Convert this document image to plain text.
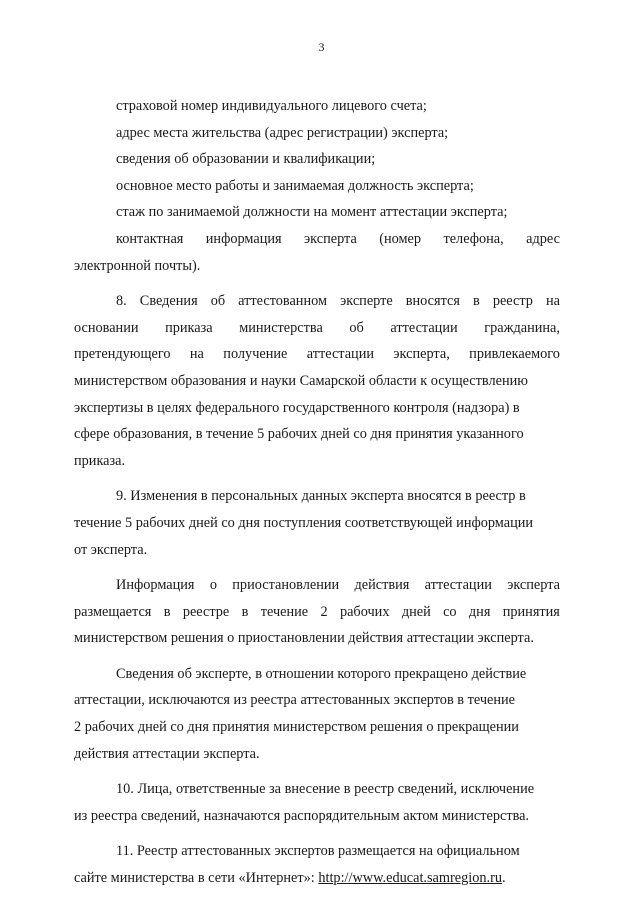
3
страховой номер индивидуального лицевого счета;
адрес места жительства (адрес регистрации) эксперта;
сведения об образовании и квалификации;
основное место работы и занимаемая должность эксперта;
стаж по занимаемой должности на момент аттестации эксперта;
контактная информация эксперта (номер телефона, адрес
электронной почты).
8. Сведения об аттестованном эксперте вносятся в реестр на
основании приказа министерства об аттестации гражданина,
претендующего на получение аттестации эксперта, привлекаемого
министерством образования и науки Самарской области к осуществлению
экспертизы в целях федерального государственного контроля (надзора) в
сфере образования, в течение 5 рабочих дней со дня принятия указанного
приказа.
9. Изменения в персональных данных эксперта вносятся в реестр в
течение 5 рабочих дней со дня поступления соответствующей информации
от эксперта.
Информация о приостановлении действия аттестации эксперта
размещается в реестре в течение 2 рабочих дней со дня принятия
министерством решения о приостановлении действия аттестации эксперта.
Сведения об эксперте, в отношении которого прекращено действие
аттестации, исключаются из реестра аттестованных экспертов в течение
2 рабочих дней со дня принятия министерством решения о прекращении
действия аттестации эксперта.
10. Лица, ответственные за внесение в реестр сведений, исключение
из реестра сведений, назначаются распорядительным актом министерства.
11. Реестр аттестованных экспертов размещается на официальном
сайте министерства в сети «Интернет»: http://www.educat.samregion.ru.
